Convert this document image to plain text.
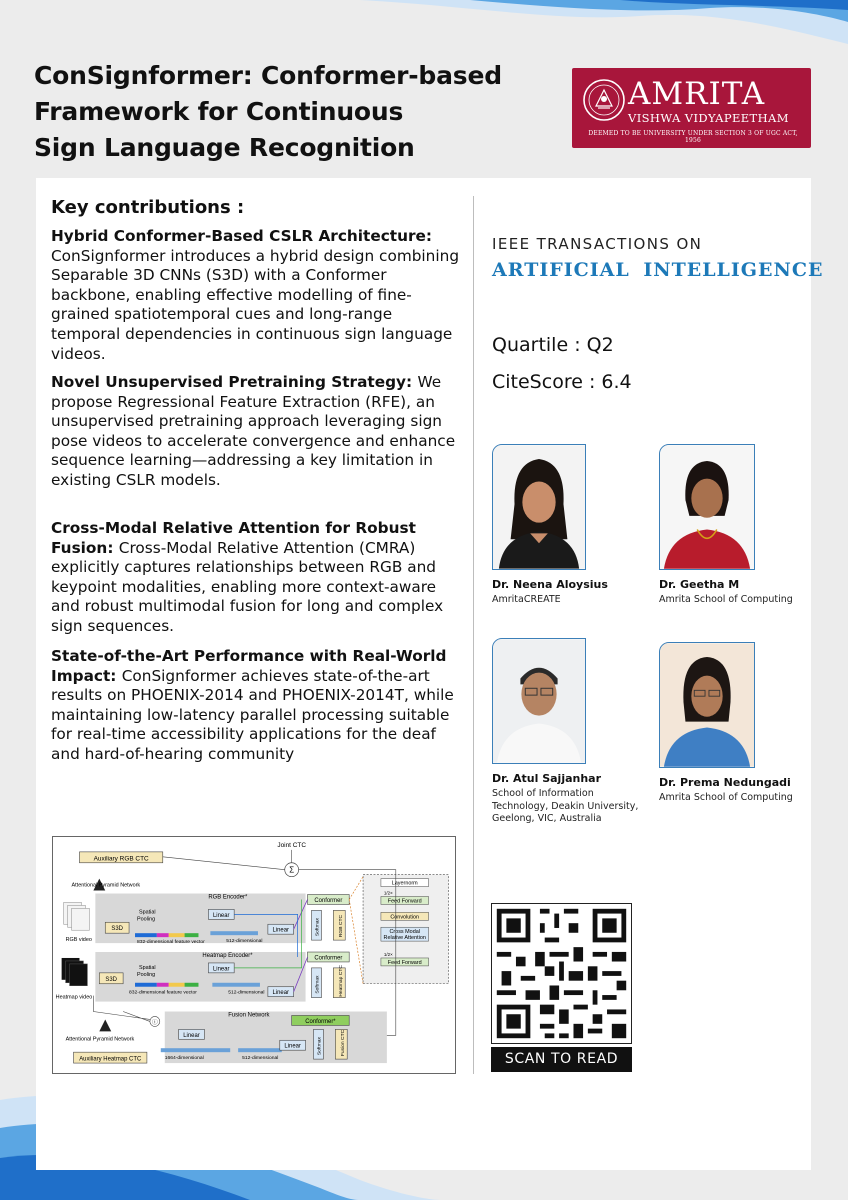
ConSignformer: Conformer-based
Framework for Continuous
Sign Language Recognition
AMRITA
VISHWA VIDYAPEETHAM
DEEMED TO BE UNIVERSITY UNDER SECTION 3 OF UGC ACT, 1956
Key contributions :
Hybrid Conformer-Based CSLR Architecture: ConSignformer introduces a hybrid design combining Separable 3D CNNs (S3D) with a Conformer backbone, enabling effective modelling of fine-grained spatiotemporal cues and long-range temporal dependencies in continuous sign language videos.
Novel Unsupervised Pretraining Strategy: We propose Regressional Feature Extraction (RFE), an unsupervised pretraining approach leveraging sign pose videos to accelerate convergence and enhance sequence learning—addressing a key limitation in existing CSLR models.
Cross-Modal Relative Attention for Robust Fusion: Cross-Modal Relative Attention (CMRA) explicitly captures relationships between RGB and keypoint modalities, enabling more context-aware and robust multimodal fusion for long and complex sign sequences.
State-of-the-Art Performance with Real-World Impact: ConSignformer achieves state-of-the-art results on PHOENIX-2014 and PHOENIX-2014T, while maintaining low-latency parallel processing suitable for real-time accessibility applications for the deaf and hard-of-hearing community
Auxiliary RGB CTC
Joint CTC
Σ
Attentional Pyramid Network
RGB Encoder*
RGB video
S3D
Spatial
Pooling
832-dimensional feature vector
Linear
512-dimensional
Linear
Conformer
Softmax	RGB CTC
Layernorm
1/2×
Feed Forward
Convolution
Cross Modal
Relative Attention
1/2×
Feed Forward
Heatmap Encoder*
Heatmap video
S3D
Spatial
Pooling
832-dimensional feature vector
Linear
512-dimensional Linear
Conformer
Softmax	Heatmap CTC
ⓘ
Fusion Network
Linear
1664-dimensional	512-dimensional
Linear
Conformer*
Softmax	Fusion CTC
Attentional Pyramid Network
Auxiliary Heatmap CTC
IEEE TRANSACTIONS ON
ARTIFICIAL INTELLIGENCE
Quartile : Q2
CiteScore : 6.4
Dr. Neena Aloysius
AmritaCREATE
Dr. Geetha M
Amrita School of Computing
Dr. Atul Sajjanhar
School of Information
Technology, Deakin University,
Geelong, VIC, Australia
Dr. Prema Nedungadi
Amrita School of Computing
SCAN TO READ
